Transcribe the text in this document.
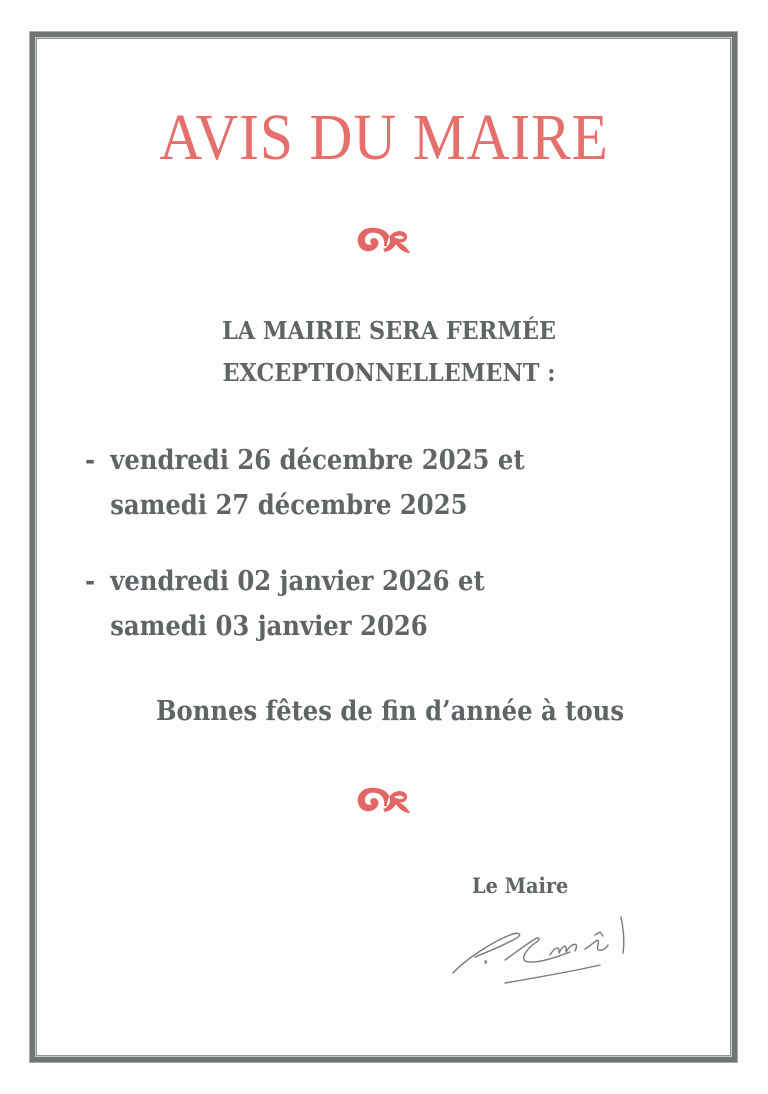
AVIS DU MAIRE
LA MAIRIE SERA FERMÉE
EXCEPTIONNELLEMENT :
- vendredi 26 décembre 2025 et
samedi 27 décembre 2025
- vendredi 02 janvier 2026 et
samedi 03 janvier 2026
Bonnes fêtes de fin d’année à tous
Le Maire
